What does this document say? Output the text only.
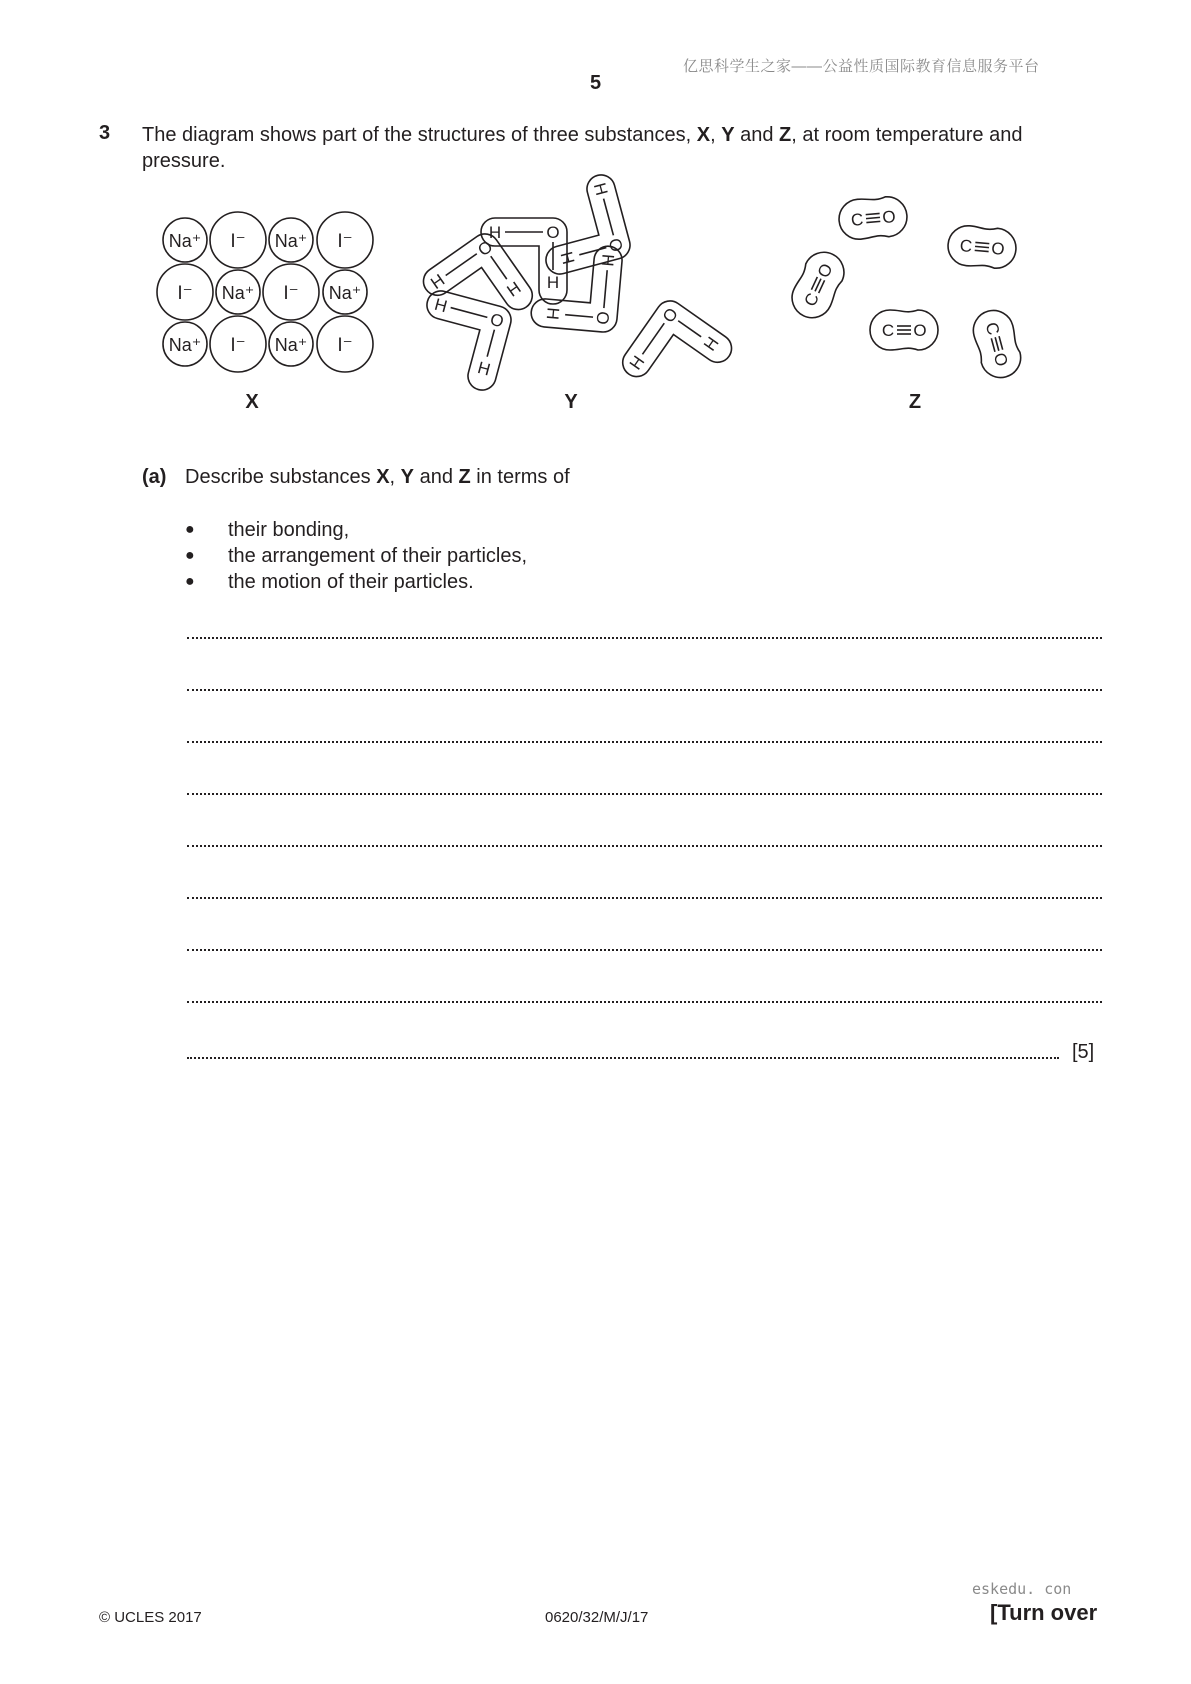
亿思科学生之家——公益性质国际教育信息服务平台
5
3 The diagram shows part of the structures of three substances, X, Y and Z, at room temperature and pressure.
Na⁺ I⁻ Na⁺ I⁻
I⁻ Na⁺ I⁻ Na⁺
Na⁺ I⁻ Na⁺ I⁻
O
H	H
O
H
H
O
H
H
O
H
H
O
H
H	O
H
H
C O
C O
C
O
C O	C
O
X	Y	Z
(a) Describe substances X, Y and Z in terms of
● their bonding,
● the arrangement of their particles,
● the motion of their particles.
[5]
© UCLES 2017	0620/32/M/J/17
eskedu. con
[Turn over
